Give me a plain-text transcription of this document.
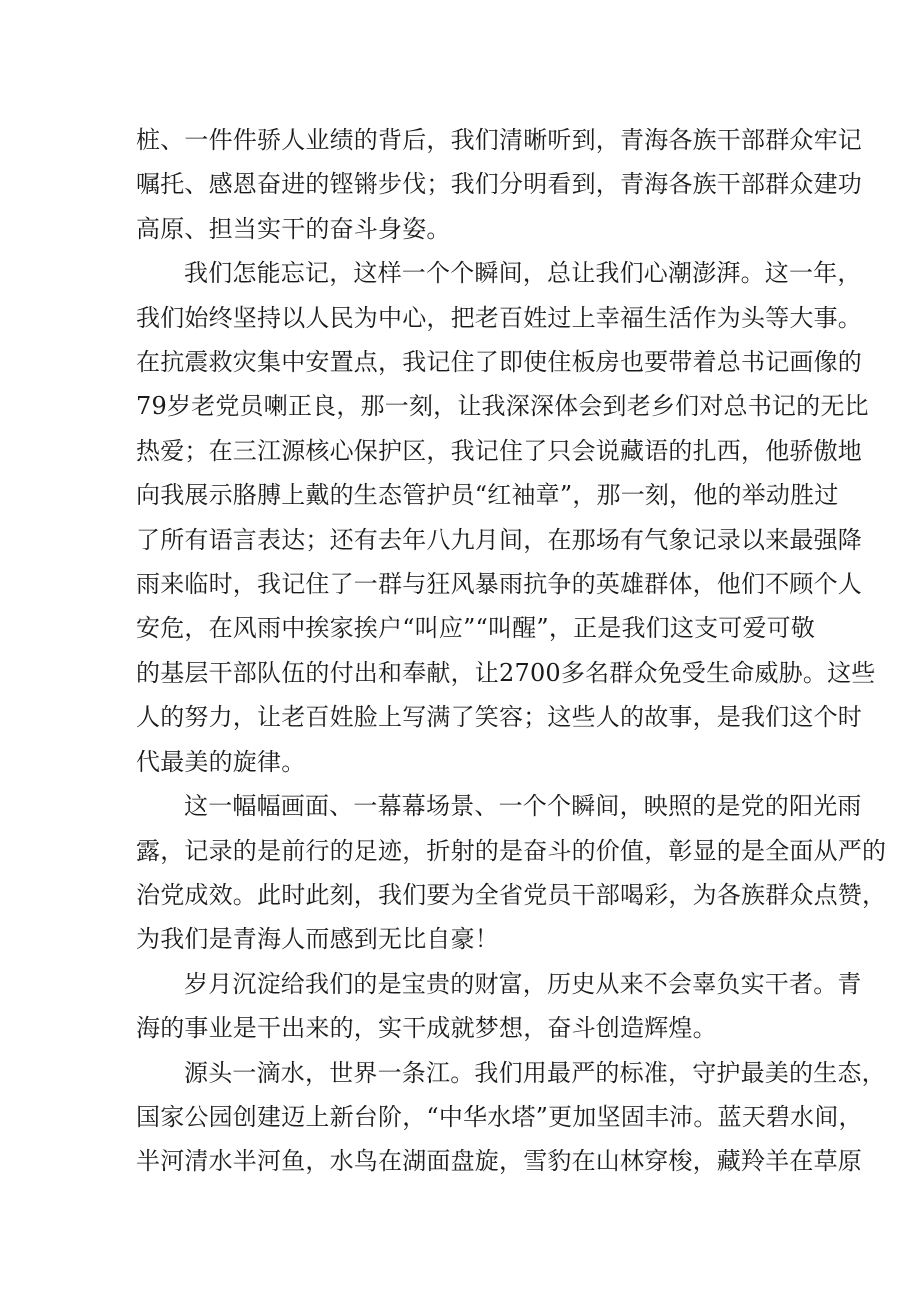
桩、一件件骄人业绩的背后，我们清晰听到，青海各族干部群众牢记
嘱托、感恩奋进的铿锵步伐；我们分明看到，青海各族干部群众建功
高原、担当实干的奋斗身姿。

我们怎能忘记，这样一个个瞬间，总让我们心潮澎湃。这一年，
我们始终坚持以人民为中心，把老百姓过上幸福生活作为头等大事。
在抗震救灾集中安置点，我记住了即使住板房也要带着总书记画像的
79岁老党员喇正良，那一刻，让我深深体会到老乡们对总书记的无比
热爱；在三江源核心保护区，我记住了只会说藏语的扎西，他骄傲地
向我展示胳膊上戴的生态管护员“红袖章”，那一刻，他的举动胜过
了所有语言表达；还有去年八九月间，在那场有气象记录以来最强降
雨来临时，我记住了一群与狂风暴雨抗争的英雄群体，他们不顾个人
安危，在风雨中挨家挨户“叫应”“叫醒”，正是我们这支可爱可敬
的基层干部队伍的付出和奉献，让2700多名群众免受生命威胁。这些
人的努力，让老百姓脸上写满了笑容；这些人的故事，是我们这个时
代最美的旋律。

这一幅幅画面、一幕幕场景、一个个瞬间，映照的是党的阳光雨
露，记录的是前行的足迹，折射的是奋斗的价值，彰显的是全面从严的
治党成效。此时此刻，我们要为全省党员干部喝彩，为各族群众点赞，
为我们是青海人而感到无比自豪！

岁月沉淀给我们的是宝贵的财富，历史从来不会辜负实干者。青
海的事业是干出来的，实干成就梦想，奋斗创造辉煌。

源头一滴水，世界一条江。我们用最严的标准，守护最美的生态，
国家公园创建迈上新台阶，“中华水塔”更加坚固丰沛。蓝天碧水间，
半河清水半河鱼，水鸟在湖面盘旋，雪豹在山林穿梭，藏羚羊在草原
